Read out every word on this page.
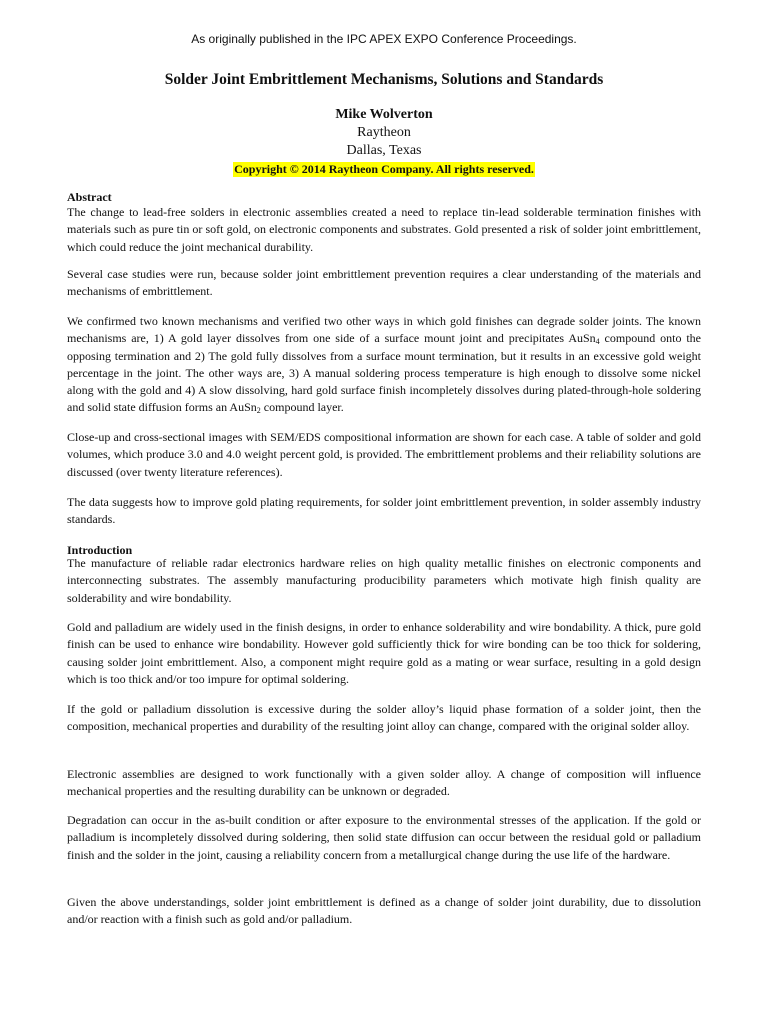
As originally published in the IPC APEX EXPO Conference Proceedings.
Solder Joint Embrittlement Mechanisms, Solutions and Standards
Mike Wolverton
Raytheon
Dallas, Texas
Copyright © 2014 Raytheon Company. All rights reserved.
Abstract
The change to lead-free solders in electronic assemblies created a need to replace tin-lead solderable termination finishes with materials such as pure tin or soft gold, on electronic components and substrates. Gold presented a risk of solder joint embrittlement, which could reduce the joint mechanical durability.
Several case studies were run, because solder joint embrittlement prevention requires a clear understanding of the materials and mechanisms of embrittlement.
We confirmed two known mechanisms and verified two other ways in which gold finishes can degrade solder joints. The known mechanisms are, 1) A gold layer dissolves from one side of a surface mount joint and precipitates AuSn$_4$ compound onto the opposing termination and 2) The gold fully dissolves from a surface mount termination, but it results in an excessive gold weight percentage in the joint. The other ways are, 3) A manual soldering process temperature is high enough to dissolve some nickel along with the gold and 4) A slow dissolving, hard gold surface finish incompletely dissolves during plated-through-hole soldering and solid state diffusion forms an AuSn$_2$ compound layer.
Close-up and cross-sectional images with SEM/EDS compositional information are shown for each case. A table of solder and gold volumes, which produce 3.0 and 4.0 weight percent gold, is provided. The embrittlement problems and their reliability solutions are discussed (over twenty literature references).
The data suggests how to improve gold plating requirements, for solder joint embrittlement prevention, in solder assembly industry standards.
Introduction
The manufacture of reliable radar electronics hardware relies on high quality metallic finishes on electronic components and interconnecting substrates. The assembly manufacturing producibility parameters which motivate high finish quality are solderability and wire bondability.
Gold and palladium are widely used in the finish designs, in order to enhance solderability and wire bondability. A thick, pure gold finish can be used to enhance wire bondability. However gold sufficiently thick for wire bonding can be too thick for soldering, causing solder joint embrittlement. Also, a component might require gold as a mating or wear surface, resulting in a gold design which is too thick and/or too impure for optimal soldering.
If the gold or palladium dissolution is excessive during the solder alloy’s liquid phase formation of a solder joint, then the composition, mechanical properties and durability of the resulting joint alloy can change, compared with the original solder alloy.
Electronic assemblies are designed to work functionally with a given solder alloy. A change of composition will influence mechanical properties and the resulting durability can be unknown or degraded.
Degradation can occur in the as-built condition or after exposure to the environmental stresses of the application. If the gold or palladium is incompletely dissolved during soldering, then solid state diffusion can occur between the residual gold or palladium finish and the solder in the joint, causing a reliability concern from a metallurgical change during the use life of the hardware.
Given the above understandings, solder joint embrittlement is defined as a change of solder joint durability, due to dissolution and/or reaction with a finish such as gold and/or palladium.
